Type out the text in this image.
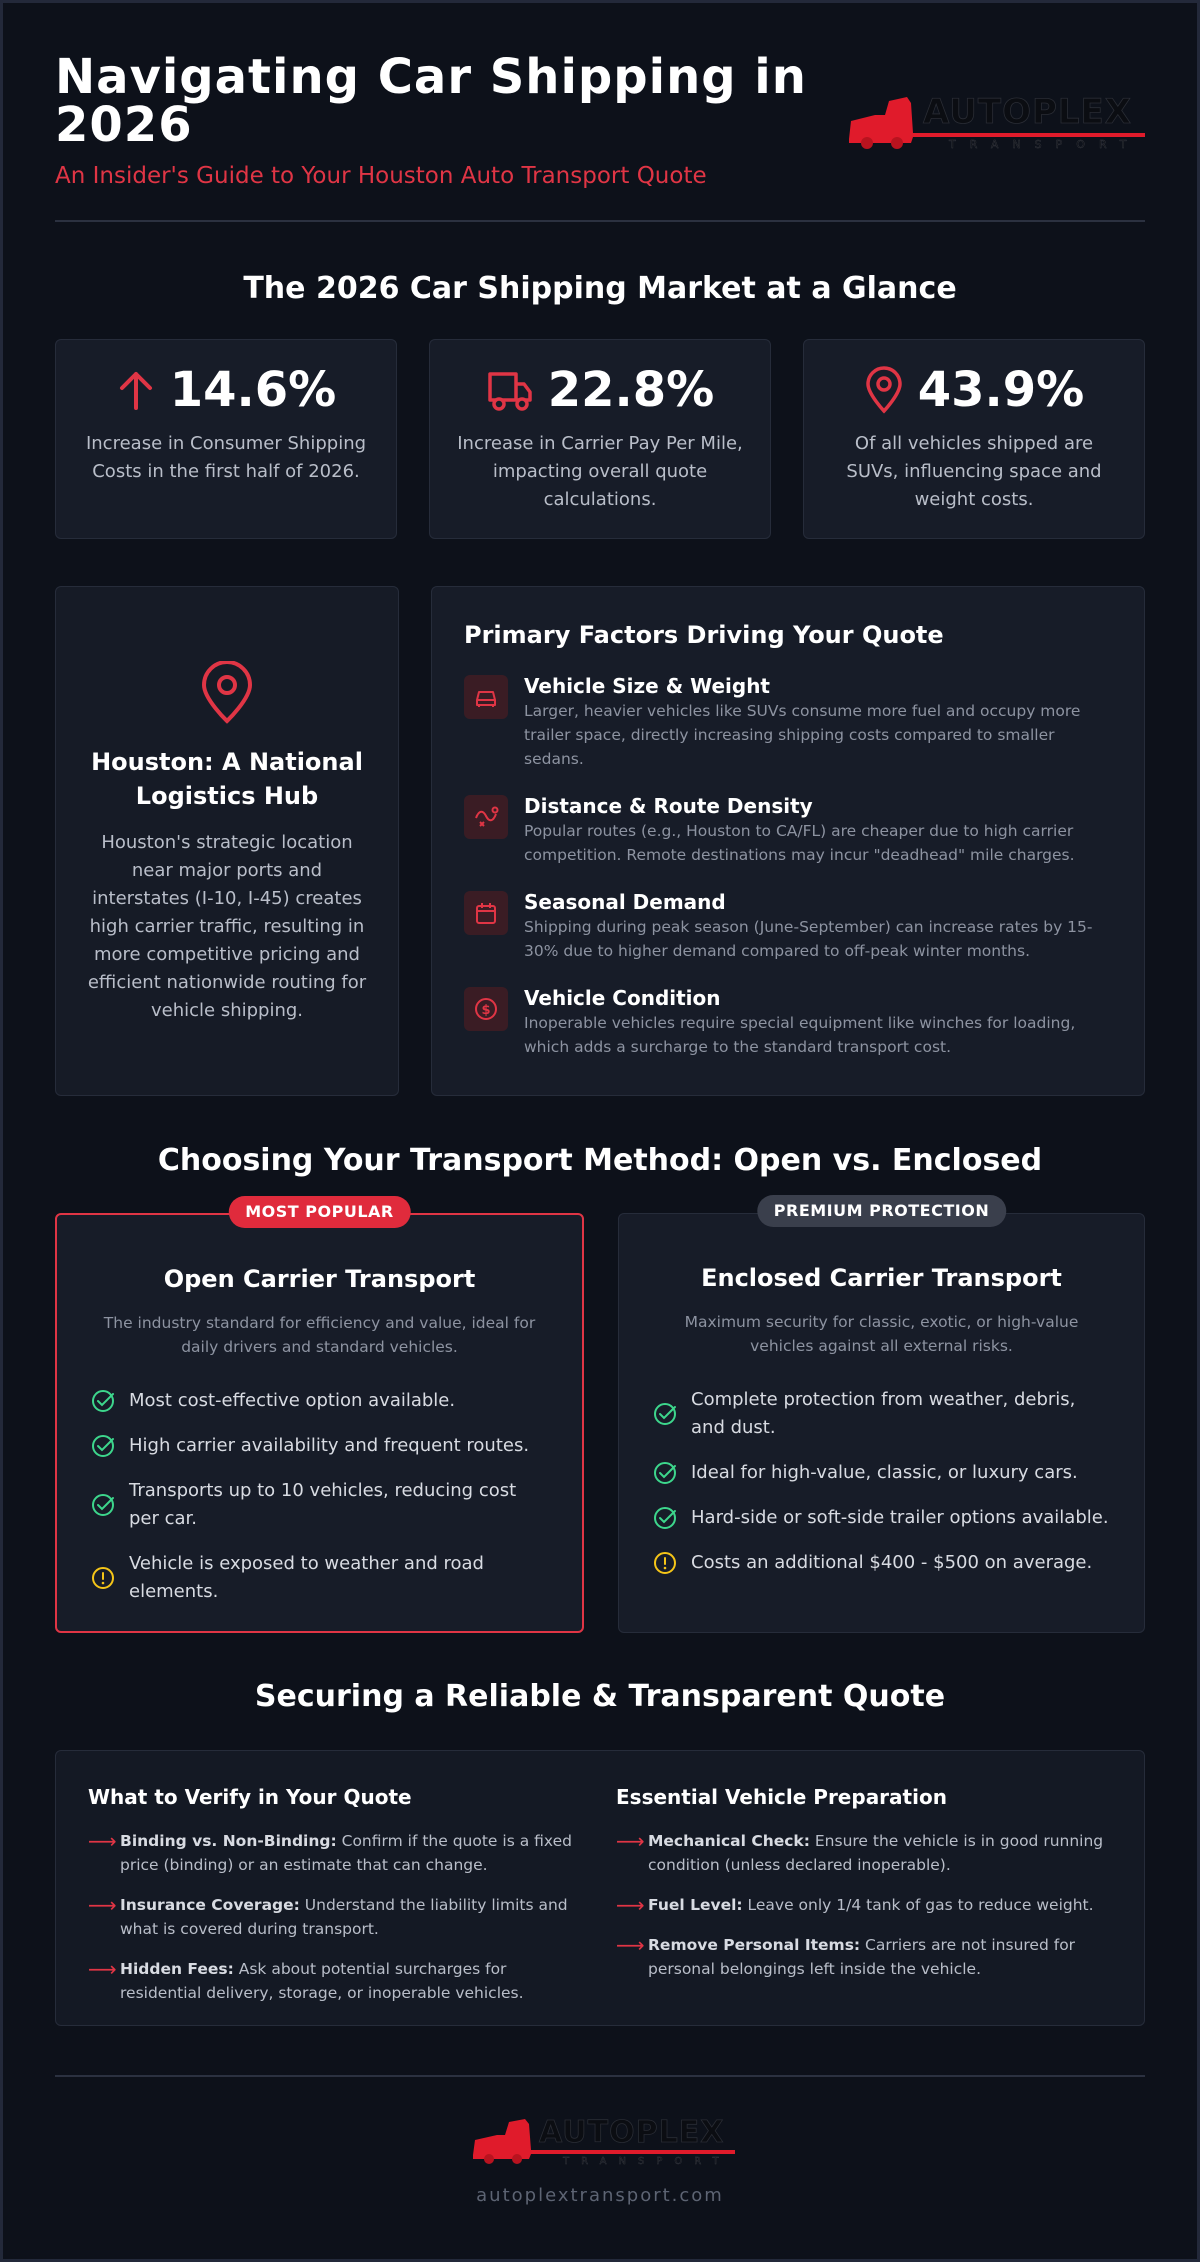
Navigating Car Shipping in 2026
An Insider's Guide to Your Houston Auto Transport Quote
AUTOPLEX
TRANSPORT
The 2026 Car Shipping Market at a Glance
14.6%
Increase in Consumer Shipping Costs in the first half of 2026.
22.8%
Increase in Carrier Pay Per Mile, impacting overall quote calculations.
43.9%
Of all vehicles shipped are SUVs, influencing space and weight costs.
Houston: A National Logistics Hub
Houston's strategic location near major ports and interstates (I-10, I-45) creates high carrier traffic, resulting in more competitive pricing and efficient nationwide routing for vehicle shipping.
Primary Factors Driving Your Quote
Vehicle Size & Weight
Larger, heavier vehicles like SUVs consume more fuel and occupy more trailer space, directly increasing shipping costs compared to smaller sedans.
Distance & Route Density
Popular routes (e.g., Houston to CA/FL) are cheaper due to high carrier competition. Remote destinations may incur "deadhead" mile charges.
Seasonal Demand
Shipping during peak season (June-September) can increase rates by 15-30% due to higher demand compared to off-peak winter months.
$
Vehicle Condition
Inoperable vehicles require special equipment like winches for loading, which adds a surcharge to the standard transport cost.
Choosing Your Transport Method: Open vs. Enclosed
MOST POPULAR
Open Carrier Transport
The industry standard for efficiency and value, ideal for daily drivers and standard vehicles.
Most cost-effective option available.
High carrier availability and frequent routes.
Transports up to 10 vehicles, reducing cost per car.
Vehicle is exposed to weather and road elements.
PREMIUM PROTECTION
Enclosed Carrier Transport
Maximum security for classic, exotic, or high-value vehicles against all external risks.
Complete protection from weather, debris, and dust.
Ideal for high-value, classic, or luxury cars.
Hard-side or soft-side trailer options available.
Costs an additional $400 - $500 on average.
Securing a Reliable & Transparent Quote
What to Verify in Your Quote
⟶ Binding vs. Non-Binding: Confirm if the quote is a fixed price (binding) or an estimate that can change.
⟶ Insurance Coverage: Understand the liability limits and what is covered during transport.
⟶ Hidden Fees: Ask about potential surcharges for residential delivery, storage, or inoperable vehicles.
Essential Vehicle Preparation
⟶ Mechanical Check: Ensure the vehicle is in good running condition (unless declared inoperable).
⟶ Fuel Level: Leave only 1/4 tank of gas to reduce weight.
⟶ Remove Personal Items: Carriers are not insured for personal belongings left inside the vehicle.
AUTOPLEX
TRANSPORT
autoplextransport.com
